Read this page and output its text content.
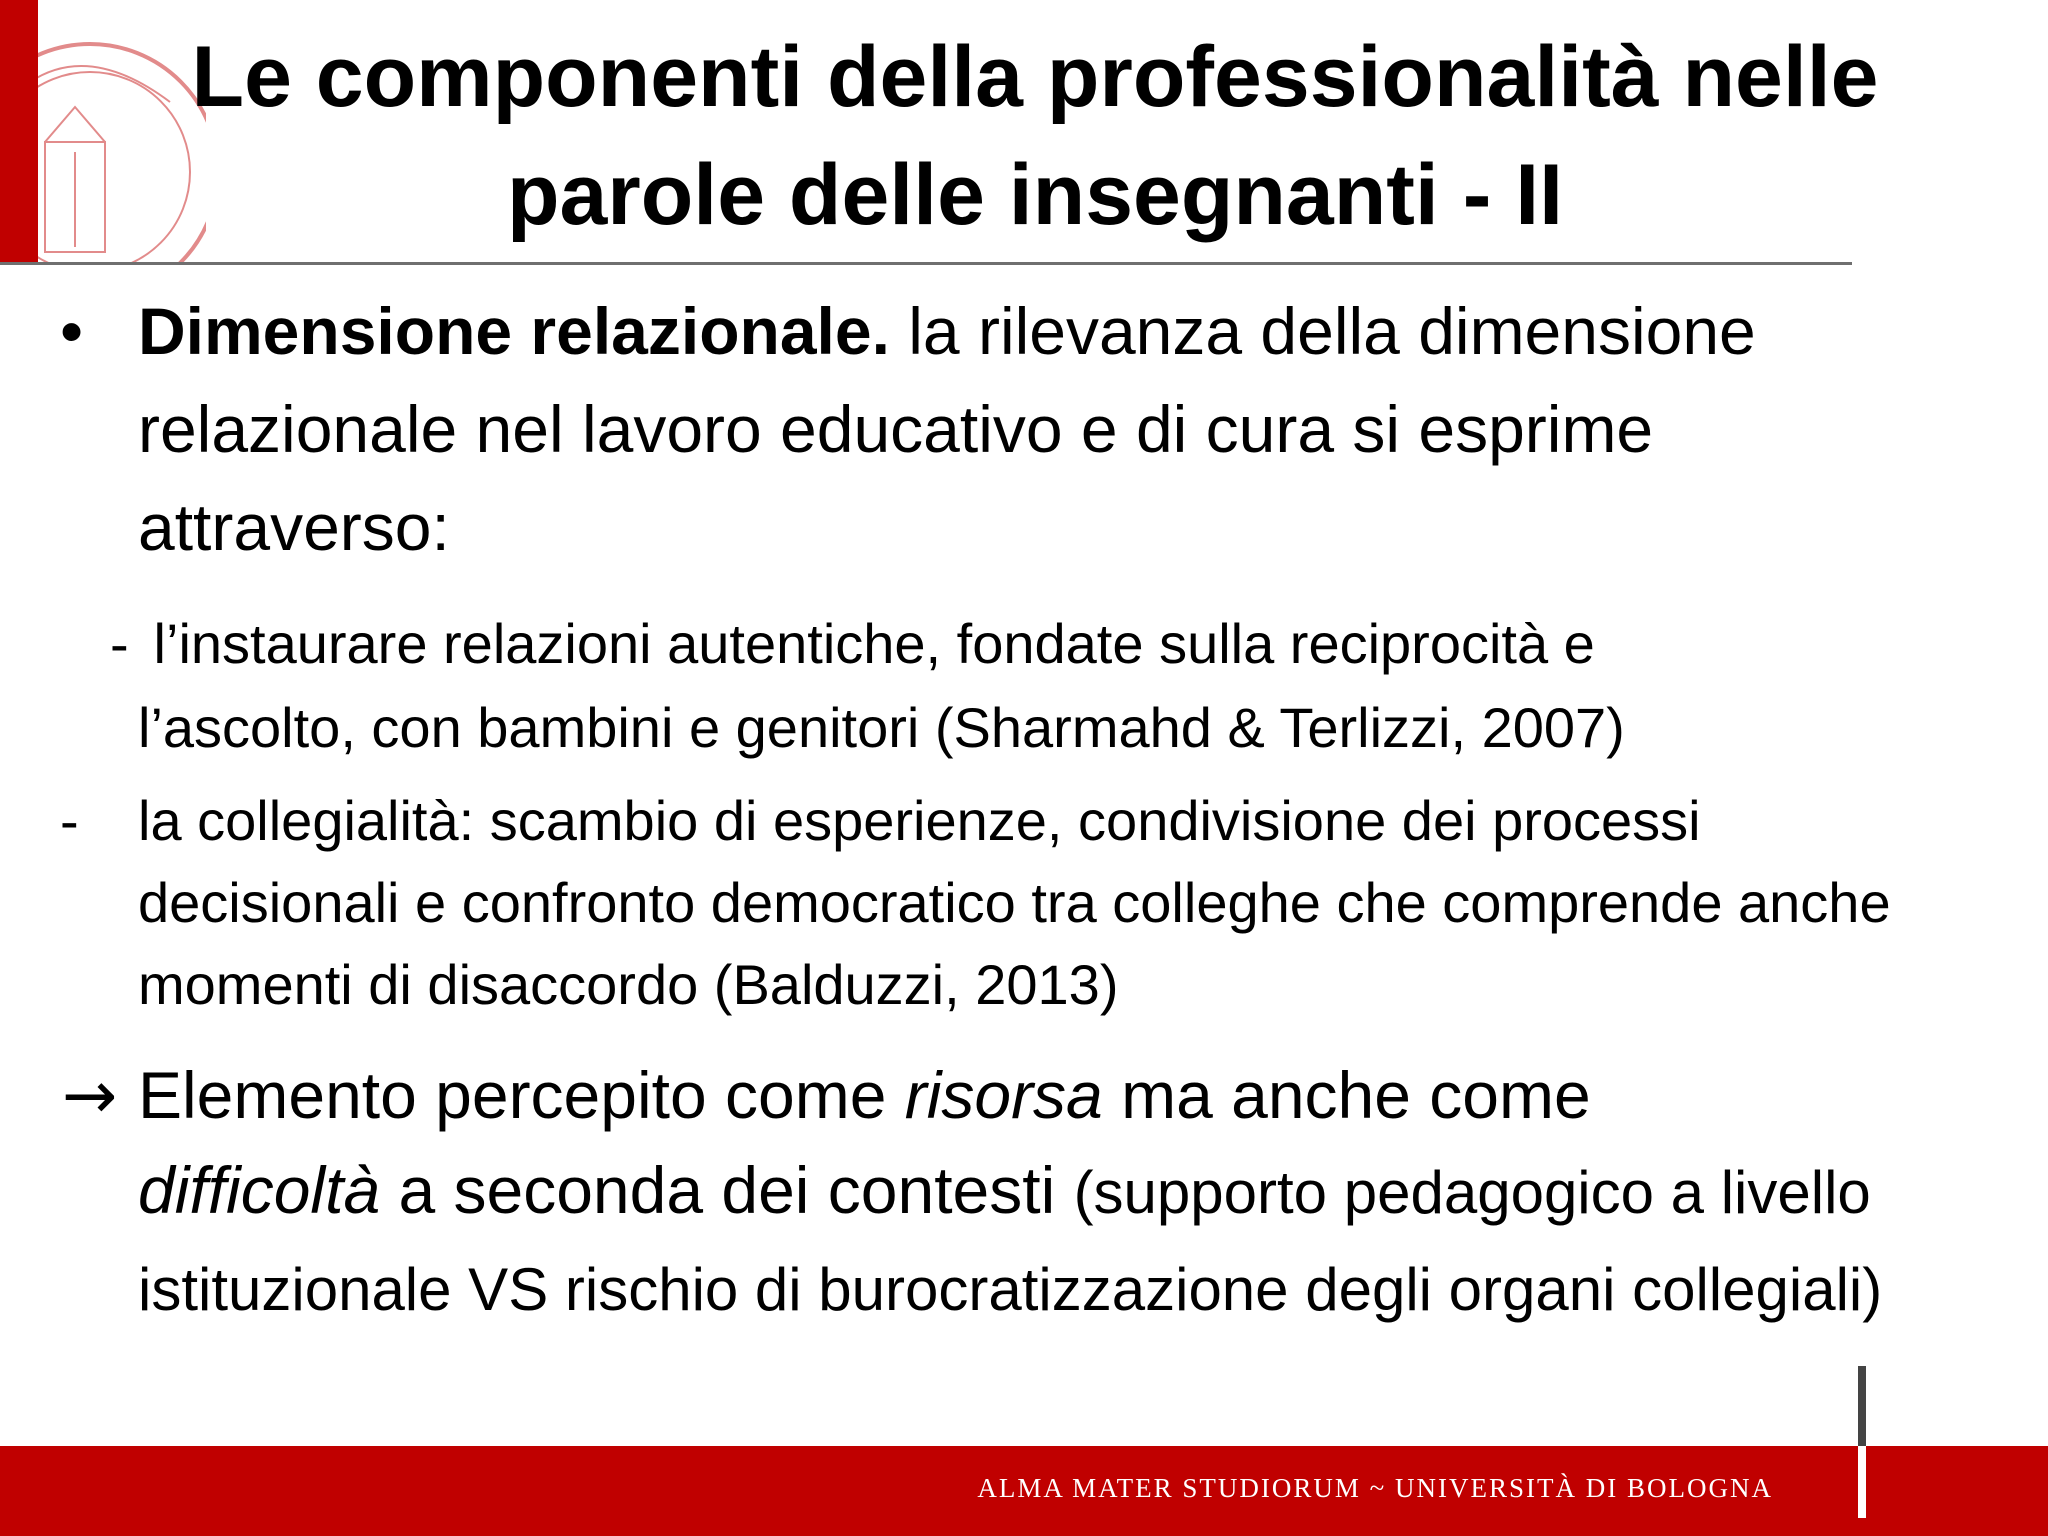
Le componenti della professionalità nelle
parole delle insegnanti - II
• Dimensione relazionale. la rilevanza della dimensione relazionale nel lavoro educativo e di cura si esprime attraverso:

- l’instaurare relazioni autentiche, fondate sulla reciprocità e
l’ascolto, con bambini e genitori (Sharmahd & Terlizzi, 2007)

- la collegialità: scambio di esperienze, condivisione dei processi decisionali e confronto democratico tra colleghe che comprende anche momenti di disaccordo (Balduzzi, 2013)

→ Elemento percepito come risorsa ma anche come
difficoltà a seconda dei contesti (supporto pedagogico a livello istituzionale VS rischio di burocratizzazione degli organi collegiali)

ALMA MATER STUDIORUM ~ UNIVERSITÀ DI BOLOGNA
